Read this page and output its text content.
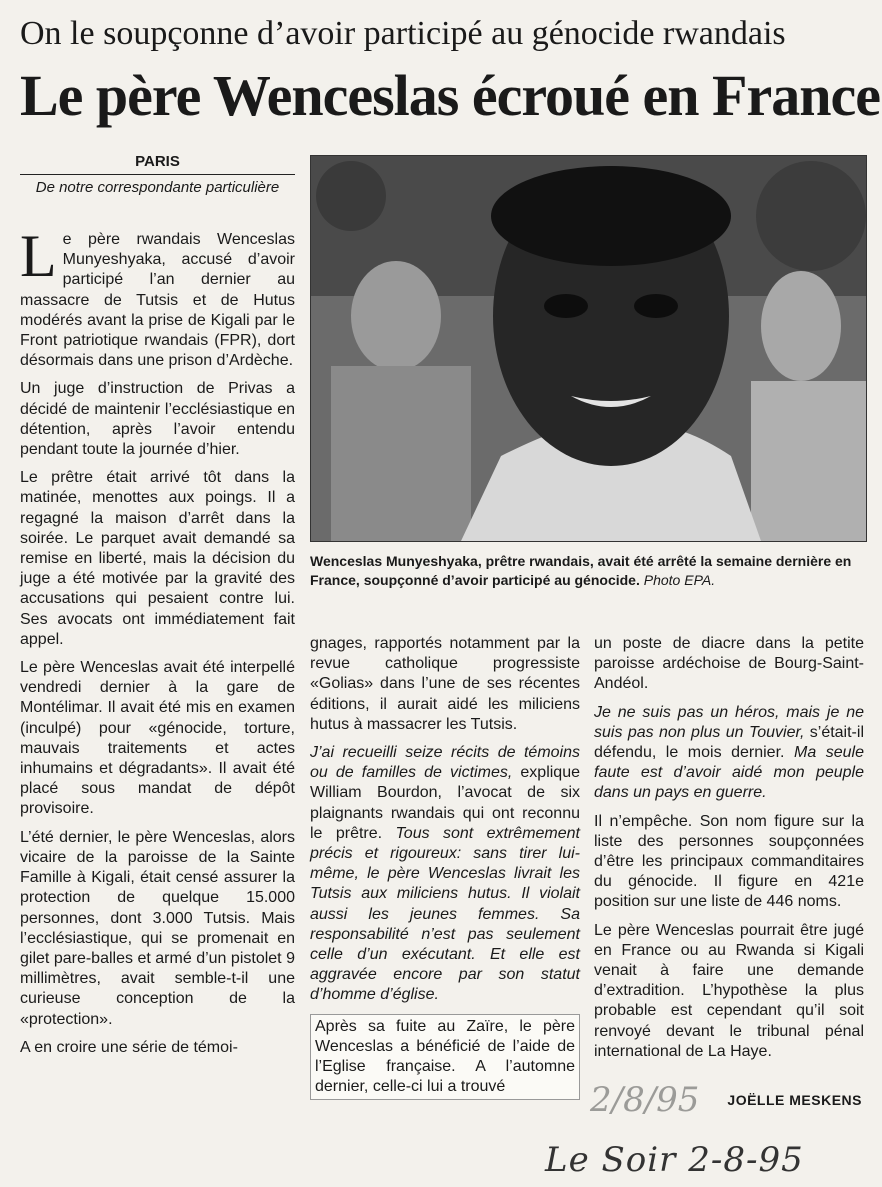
On le soupçonne d’avoir participé au génocide rwandais
Le père Wenceslas écroué en France
PARIS
De notre correspondante particulière

Le père rwandais Wenceslas Munyeshyaka, accusé d’avoir participé l’an dernier au massacre de Tutsis et de Hutus modérés avant la prise de Kigali par le Front patriotique rwandais (FPR), dort désormais dans une prison d’Ardèche.

Un juge d’instruction de Privas a décidé de maintenir l’ecclésiastique en détention, après l’avoir entendu pendant toute la journée d’hier.

Le prêtre était arrivé tôt dans la matinée, menottes aux poings. Il a regagné la maison d’arrêt dans la soirée. Le parquet avait demandé sa remise en liberté, mais la décision du juge a été motivée par la gravité des accusations qui pesaient contre lui. Ses avocats ont immédiatement fait appel.

Le père Wenceslas avait été interpellé vendredi dernier à la gare de Montélimar. Il avait été mis en examen (inculpé) pour «génocide, torture, mauvais traitements et actes inhumains et dégradants». Il avait été placé sous mandat de dépôt provisoire.

L’été dernier, le père Wenceslas, alors vicaire de la paroisse de la Sainte Famille à Kigali, était censé assurer la protection de quelque 15.000 personnes, dont 3.000 Tutsis. Mais l’ecclésiastique, qui se promenait en gilet pare-balles et armé d’un pistolet 9 millimètres, avait semble-t-il une curieuse conception de la «protection».

A en croire une série de témoi-

Wenceslas Munyeshyaka, prêtre rwandais, avait été arrêté la semaine dernière en France, soupçonné d’avoir participé au génocide. Photo EPA.

gnages, rapportés notamment par la revue catholique progressiste «Golias» dans l’une de ses récentes éditions, il aurait aidé les miliciens hutus à massacrer les Tutsis.

J’ai recueilli seize récits de témoins ou de familles de victimes, explique William Bourdon, l’avocat de six plaignants rwandais qui ont reconnu le prêtre. Tous sont extrêmement précis et rigoureux: sans tirer lui-même, le père Wenceslas livrait les Tutsis aux miliciens hutus. Il violait aussi les jeunes femmes. Sa responsabilité n’est pas seulement celle d’un exécutant. Et elle est aggravée encore par son statut d’homme d’église.

Après sa fuite au Zaïre, le père Wenceslas a bénéficié de l’aide de l’Eglise française. A l’automne dernier, celle-ci lui a trouvé

un poste de diacre dans la petite paroisse ardéchoise de Bourg-Saint-Andéol.

Je ne suis pas un héros, mais je ne suis pas non plus un Touvier, s’était-il défendu, le mois dernier. Ma seule faute est d’avoir aidé mon peuple dans un pays en guerre.

Il n’empêche. Son nom figure sur la liste des personnes soupçonnées d’être les principaux commanditaires du génocide. Il figure en 421e position sur une liste de 446 noms.

Le père Wenceslas pourrait être jugé en France ou au Rwanda si Kigali venait à faire une demande d’extradition. L’hypothèse la plus probable est cependant qu’il soit renvoyé devant le tribunal pénal international de La Haye.

2/8/95 JOËLLE MESKENS
Le Soir 2-8-95
